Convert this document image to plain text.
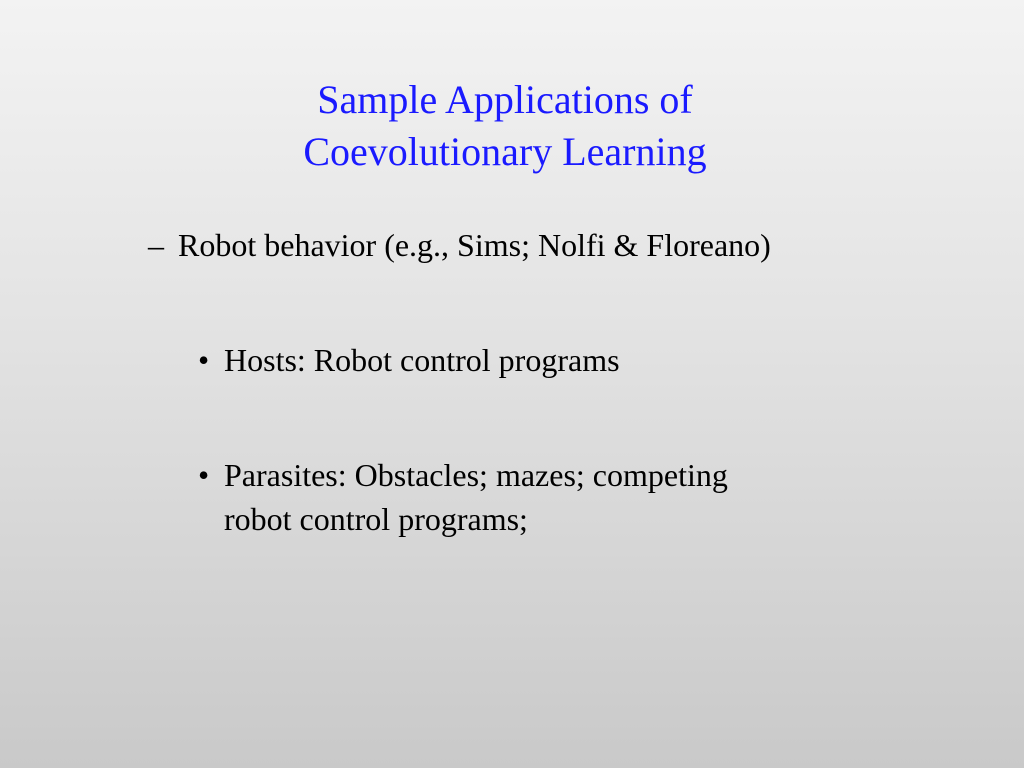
Sample Applications of
Coevolutionary Learning
– Robot behavior (e.g., Sims; Nolfi & Floreano)
• Hosts: Robot control programs
• Parasites: Obstacles; mazes; competing
robot control programs;
